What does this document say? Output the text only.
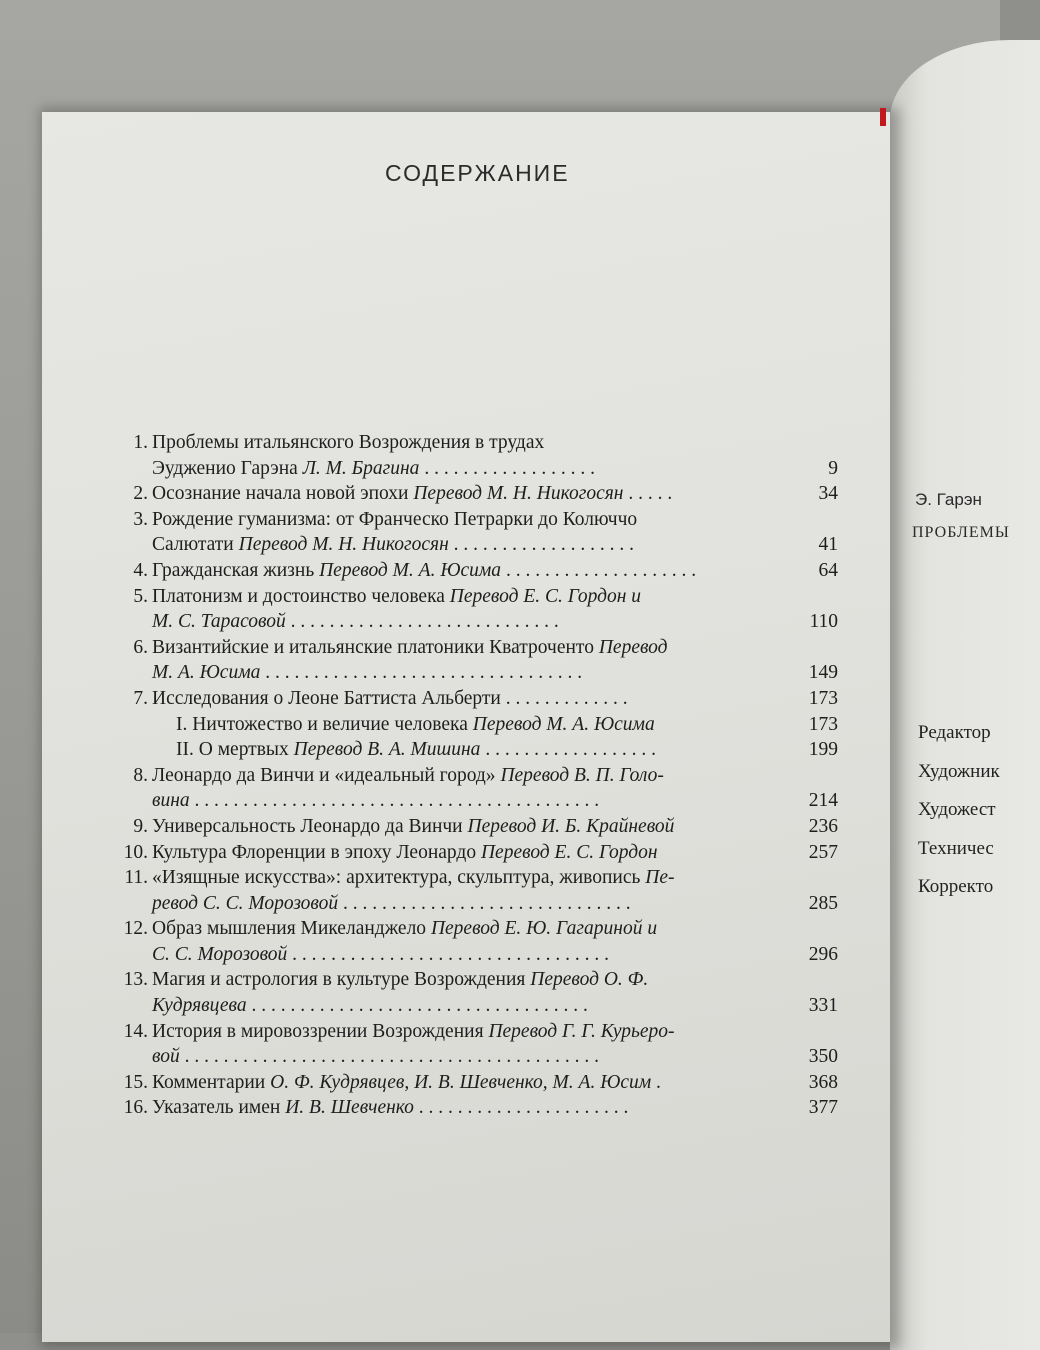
СОДЕРЖАНИЕ
1. Проблемы итальянского Возрождения в трудах
Эудженио Гарэна Л. М. Брагина . . . . . . . . . . . . . . . . . .	9
2. Осознание начала новой эпохи Перевод М. Н. Никогосян . . . . .	34
3. Рождение гуманизма: от Франческо Петрарки до Колюччо
Салютати Перевод М. Н. Никогосян . . . . . . . . . . . . . . . . . . .	41
4. Гражданская жизнь Перевод М. А. Юсима . . . . . . . . . . . . . . . . . . . .	64
5. Платонизм и достоинство человека Перевод Е. С. Гордон и
М. С. Тарасовой . . . . . . . . . . . . . . . . . . . . . . . . . . . .	110
6. Византийские и итальянские платоники Кватроченто Перевод
М. А. Юсима . . . . . . . . . . . . . . . . . . . . . . . . . . . . . . . . .	149
7. Исследования о Леоне Баттиста Альберти . . . . . . . . . . . . .	173
I. Ничтожество и величие человека Перевод М. А. Юсима	173
II. О мертвых Перевод В. А. Мишина . . . . . . . . . . . . . . . . . .	199
8. Леонардо да Винчи и «идеальный город» Перевод В. П. Голо-
вина . . . . . . . . . . . . . . . . . . . . . . . . . . . . . . . . . . . . . . . . . .	214
9. Универсальность Леонардо да Винчи Перевод И. Б. Крайневой	236
10. Культура Флоренции в эпоху Леонардо Перевод Е. С. Гордон	257
11. «Изящные искусства»: архитектура, скульптура, живопись Пе-
ревод С. С. Морозовой . . . . . . . . . . . . . . . . . . . . . . . . . . . . . .	285
12. Образ мышления Микеланджело Перевод Е. Ю. Гагариной и
С. С. Морозовой . . . . . . . . . . . . . . . . . . . . . . . . . . . . . . . . .	296
13. Магия и астрология в культуре Возрождения Перевод О. Ф.
Кудрявцева . . . . . . . . . . . . . . . . . . . . . . . . . . . . . . . . . . .	331
14. История в мировоззрении Возрождения Перевод Г. Г. Курьеро-
вой . . . . . . . . . . . . . . . . . . . . . . . . . . . . . . . . . . . . . . . . . . .	350
15. Комментарии О. Ф. Кудрявцев, И. В. Шевченко, М. А. Юсим .	368
16. Указатель имен И. В. Шевченко . . . . . . . . . . . . . . . . . . . . . .	377
Э. Гарэн
ПРОБЛЕМЫ
Редактор
Художник
Художест
Техничес
Корректо
